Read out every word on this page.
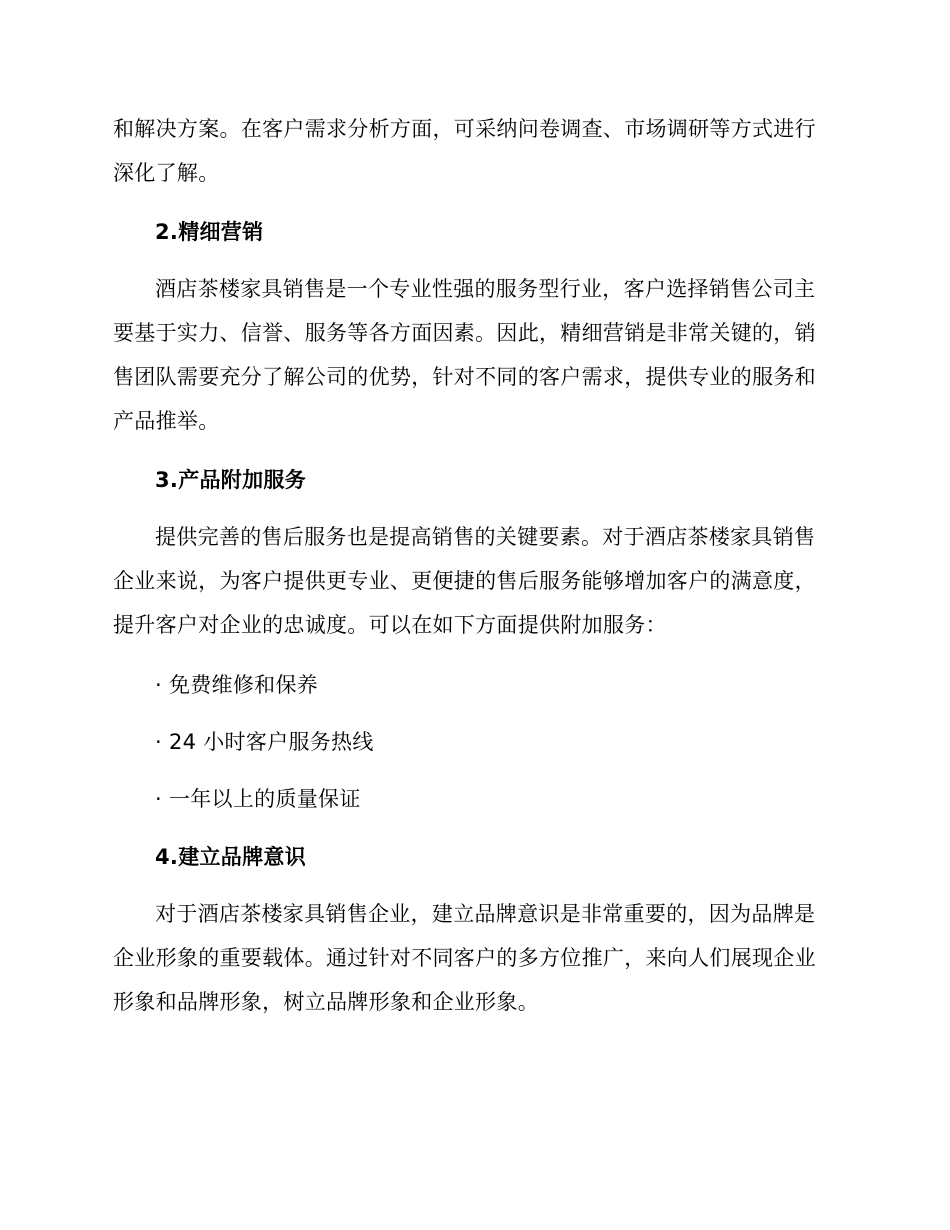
和解决方案。在客户需求分析方面，可采纳问卷调查、市场调研等方式进行
深化了解。
2.精细营销
酒店茶楼家具销售是一个专业性强的服务型行业，客户选择销售公司主
要基于实力、信誉、服务等各方面因素。因此，精细营销是非常关键的，销
售团队需要充分了解公司的优势，针对不同的客户需求，提供专业的服务和
产品推举。
3.产品附加服务
提供完善的售后服务也是提高销售的关键要素。对于酒店茶楼家具销售
企业来说，为客户提供更专业、更便捷的售后服务能够增加客户的满意度，
提升客户对企业的忠诚度。可以在如下方面提供附加服务：
· 免费维修和保养
· 24 小时客户服务热线
· 一年以上的质量保证
4.建立品牌意识
对于酒店茶楼家具销售企业，建立品牌意识是非常重要的，因为品牌是
企业形象的重要载体。通过针对不同客户的多方位推广，来向人们展现企业
形象和品牌形象，树立品牌形象和企业形象。
